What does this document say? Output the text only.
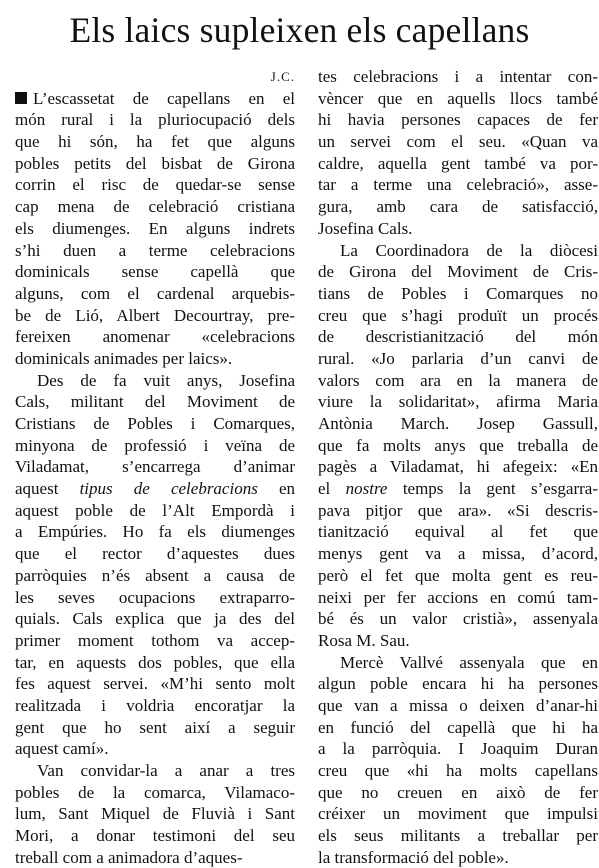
Els laics supleixen els capellans
J.C.

L’escassetat de capellans en el
món rural i la pluriocupació dels
que hi són, ha fet que alguns
pobles petits del bisbat de Girona
corrin el risc de quedar-se sense
cap mena de celebració cristiana
els diumenges. En alguns indrets
s’hi duen a terme celebracions
dominicals sense capellà que
alguns, com el cardenal arquebis-
be de Lió, Albert Decourtray, pre-
fereixen anomenar «celebracions
dominicals animades per laics».

Des de fa vuit anys, Josefina
Cals, militant del Moviment de
Cristians de Pobles i Comarques,
minyona de professió i veïna de
Viladamat, s’encarrega d’animar
aquest tipus de celebracions en
aquest poble de l’Alt Empordà i
a Empúries. Ho fa els diumenges
que el rector d’aquestes dues
parròquies n’és absent a causa de
les seves ocupacions extraparro-
quials. Cals explica que ja des del
primer moment tothom va accep-
tar, en aquests dos pobles, que ella
fes aquest servei. «M’hi sento molt
realitzada i voldria encoratjar la
gent que ho sent així a seguir
aquest camí».

Van convidar-la a anar a tres
pobles de la comarca, Vilamaco-
lum, Sant Miquel de Fluvià i Sant
Mori, a donar testimoni del seu
treball com a animadora d’aques-

tes celebracions i a intentar con-
vèncer que en aquells llocs també
hi havia persones capaces de fer
un servei com el seu. «Quan va
caldre, aquella gent també va por-
tar a terme una celebració», asse-
gura, amb cara de satisfacció,
Josefina Cals.

La Coordinadora de la diòcesi
de Girona del Moviment de Cris-
tians de Pobles i Comarques no
creu que s’hagi produït un procés
de descristianització del món
rural. «Jo parlaria d’un canvi de
valors com ara en la manera de
viure la solidaritat», afirma Maria
Antònia March. Josep Gassull,
que fa molts anys que treballa de
pagès a Viladamat, hi afegeix: «En
el nostre temps la gent s’esgarra-
pava pitjor que ara». «Si descris-
tianització equival al fet que
menys gent va a missa, d’acord,
però el fet que molta gent es reu-
neixi per fer accions en comú tam-
bé és un valor cristià», assenyala
Rosa M. Sau.

Mercè Vallvé assenyala que en
algun poble encara hi ha persones
que van a missa o deixen d’anar-hi
en funció del capellà que hi ha
a la parròquia. I Joaquim Duran
creu que «hi ha molts capellans
que no creuen en això de fer
créixer un moviment que impulsi
els seus militants a treballar per
la transformació del poble».
